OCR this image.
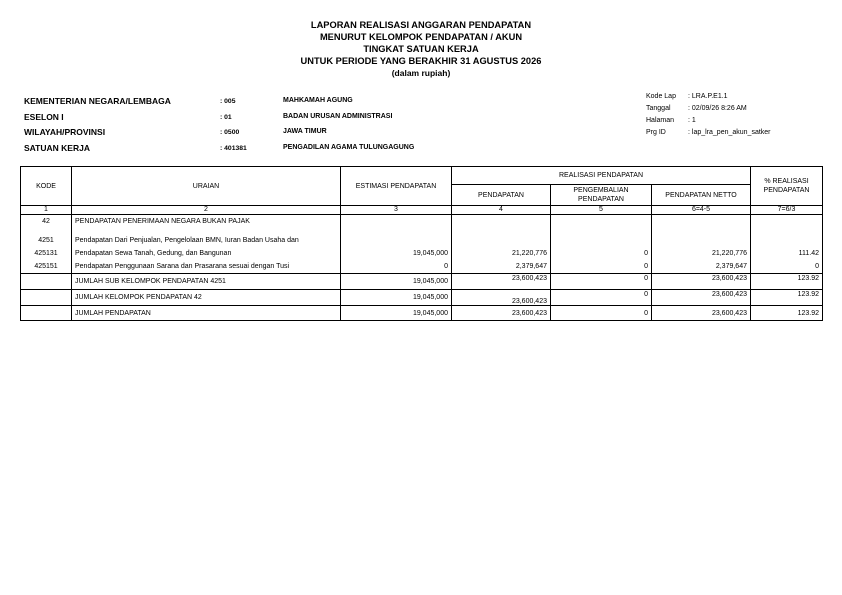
LAPORAN REALISASI ANGGARAN PENDAPATAN
MENURUT KELOMPOK PENDAPATAN / AKUN
TINGKAT SATUAN KERJA
UNTUK PERIODE YANG BERAKHIR 31 AGUSTUS 2026
(dalam rupiah)
KEMENTERIAN NEGARA/LEMBAGA	: 005	MAHKAMAH AGUNG
ESELON I	: 01	BADAN URUSAN ADMINISTRASI
WILAYAH/PROVINSI	: 0500	JAWA TIMUR
SATUAN KERJA	: 401381	PENGADILAN AGAMA TULUNGAGUNG
Kode Lap : LRA.P.E1.1
Tanggal : 02/09/26 8:26 AM
Halaman : 1
Prg ID	: lap_lra_pen_akun_satker
KODE	URAIAN	ESTIMASI PENDAPATAN	REALISASI PENDAPATAN			% REALISASI PENDAPATAN
			PENDAPATAN	PENGEMBALIAN PENDAPATAN	PENDAPATAN NETTO	
1	2	3	4	5	6=4-5	7=6/3
42	PENDAPATAN PENERIMAAN NEGARA BUKAN PAJAK					

4251	Pendapatan Dari Penjualan, Pengelolaan BMN, Iuran Badan Usaha dan					
425131	Pendapatan Sewa Tanah, Gedung, dan Bangunan	19,045,000	21,220,776	0	21,220,776	111.42
425151	Pendapatan Penggunaan Sarana dan Prasarana sesuai dengan Tusi	0	2,379,647	0	2,379,647	0
	JUMLAH SUB KELOMPOK PENDAPATAN 4251	19,045,000	23,600,423	0	23,600,423	123.92
	JUMLAH KELOMPOK PENDAPATAN 42	19,045,000	23,600,423	0	23,600,423	123.92
	JUMLAH PENDAPATAN	19,045,000	23,600,423	0	23,600,423	123.92
